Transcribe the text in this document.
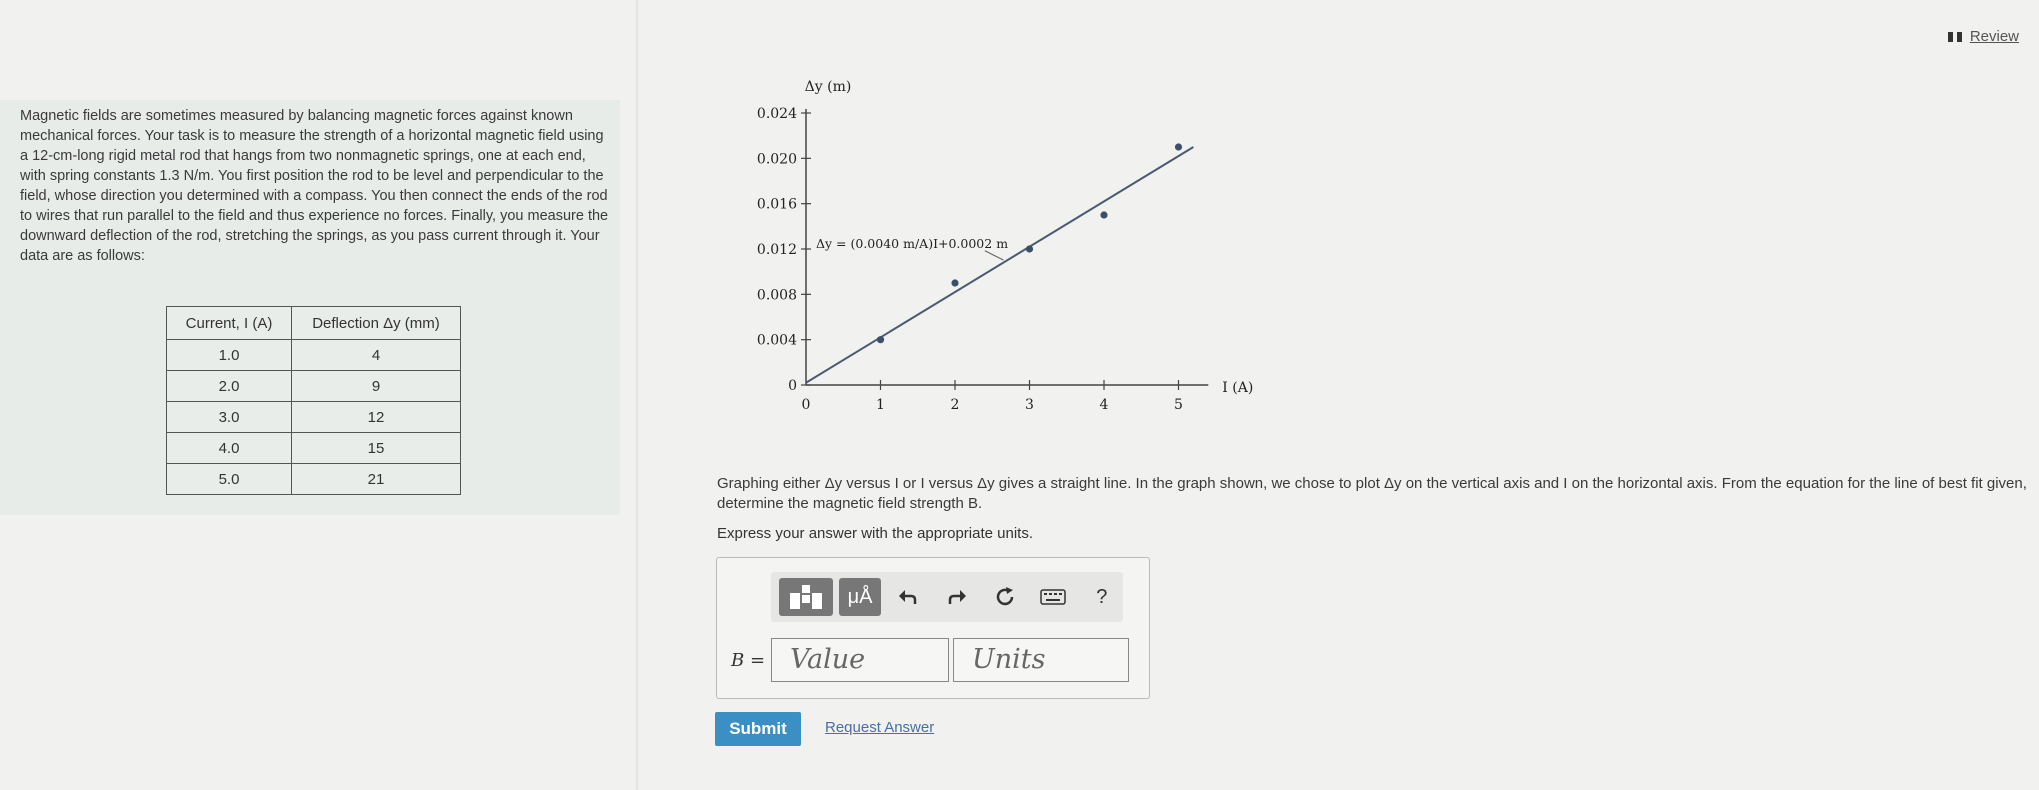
Magnetic fields are sometimes measured by balancing magnetic forces against known mechanical forces. Your task is to measure the strength of a horizontal magnetic field using a 12-cm-long rigid metal rod that hangs from two nonmagnetic springs, one at each end, with spring constants 1.3 N/m. You first position the rod to be level and perpendicular to the field, whose direction you determined with a compass. You then connect the ends of the rod to wires that run parallel to the field and thus experience no forces. Finally, you measure the downward deflection of the rod, stretching the springs, as you pass current through it. Your data are as follows:
Current, I (A)	Deflection Δy (mm)
1.0	4
2.0	9
3.0	12
4.0	15
5.0	21
Review
0
0.004
0.008
0.012
0.016
0.020
0.024
0	1	2	3	4	5
Δy (m)
I (A)
Δy = (0.0040 m/A)I+0.0002 m
Graphing either Δy versus I or I versus Δy gives a straight line. In the graph shown, we chose to plot Δy on the vertical axis and I on the horizontal axis. From the equation for the line of best fit given, determine the magnetic field strength B.
Express your answer with the appropriate units.
μÅ	?
B = Value	Units
Submit	Request Answer
